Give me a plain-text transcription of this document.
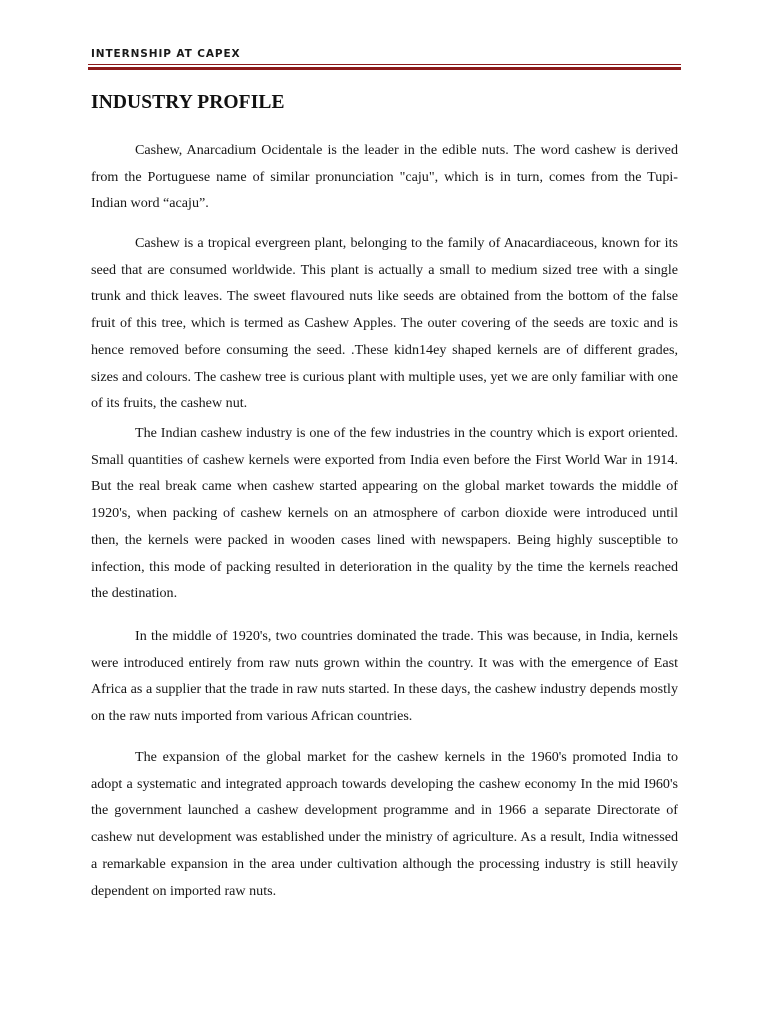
INTERNSHIP AT CAPEX
INDUSTRY PROFILE

Cashew, Anarcadium Ocidentale is the leader in the edible nuts. The word cashew is derived from the Portuguese name of similar pronunciation "caju", which is in turn, comes from the Tupi- Indian word “acaju”.

Cashew is a tropical evergreen plant, belonging to the family of Anacardiaceous, known for its seed that are consumed worldwide. This plant is actually a small to medium sized tree with a single trunk and thick leaves. The sweet flavoured nuts like seeds are obtained from the bottom of the false fruit of this tree, which is termed as Cashew Apples. The outer covering of the seeds are toxic and is hence removed before consuming the seed. .These kidn14ey shaped kernels are of different grades, sizes and colours. The cashew tree is curious plant with multiple uses, yet we are only familiar with one of its fruits, the cashew nut.

The Indian cashew industry is one of the few industries in the country which is export oriented. Small quantities of cashew kernels were exported from India even before the First World War in 1914. But the real break came when cashew started appearing on the global market towards the middle of 1920's, when packing of cashew kernels on an atmosphere of carbon dioxide were introduced until then, the kernels were packed in wooden cases lined with newspapers. Being highly susceptible to infection, this mode of packing resulted in deterioration in the quality by the time the kernels reached the destination.

In the middle of 1920's, two countries dominated the trade. This was because, in India, kernels were introduced entirely from raw nuts grown within the country. It was with the emergence of East Africa as a supplier that the trade in raw nuts started. In these days, the cashew industry depends mostly on the raw nuts imported from various African countries.

The expansion of the global market for the cashew kernels in the 1960's promoted India to adopt a systematic and integrated approach towards developing the cashew economy In the mid I960's the government launched a cashew development programme and in 1966 a separate Directorate of cashew nut development was established under the ministry of agriculture. As a result, India witnessed a remarkable expansion in the area under cultivation although the processing industry is still heavily dependent on imported raw nuts.
